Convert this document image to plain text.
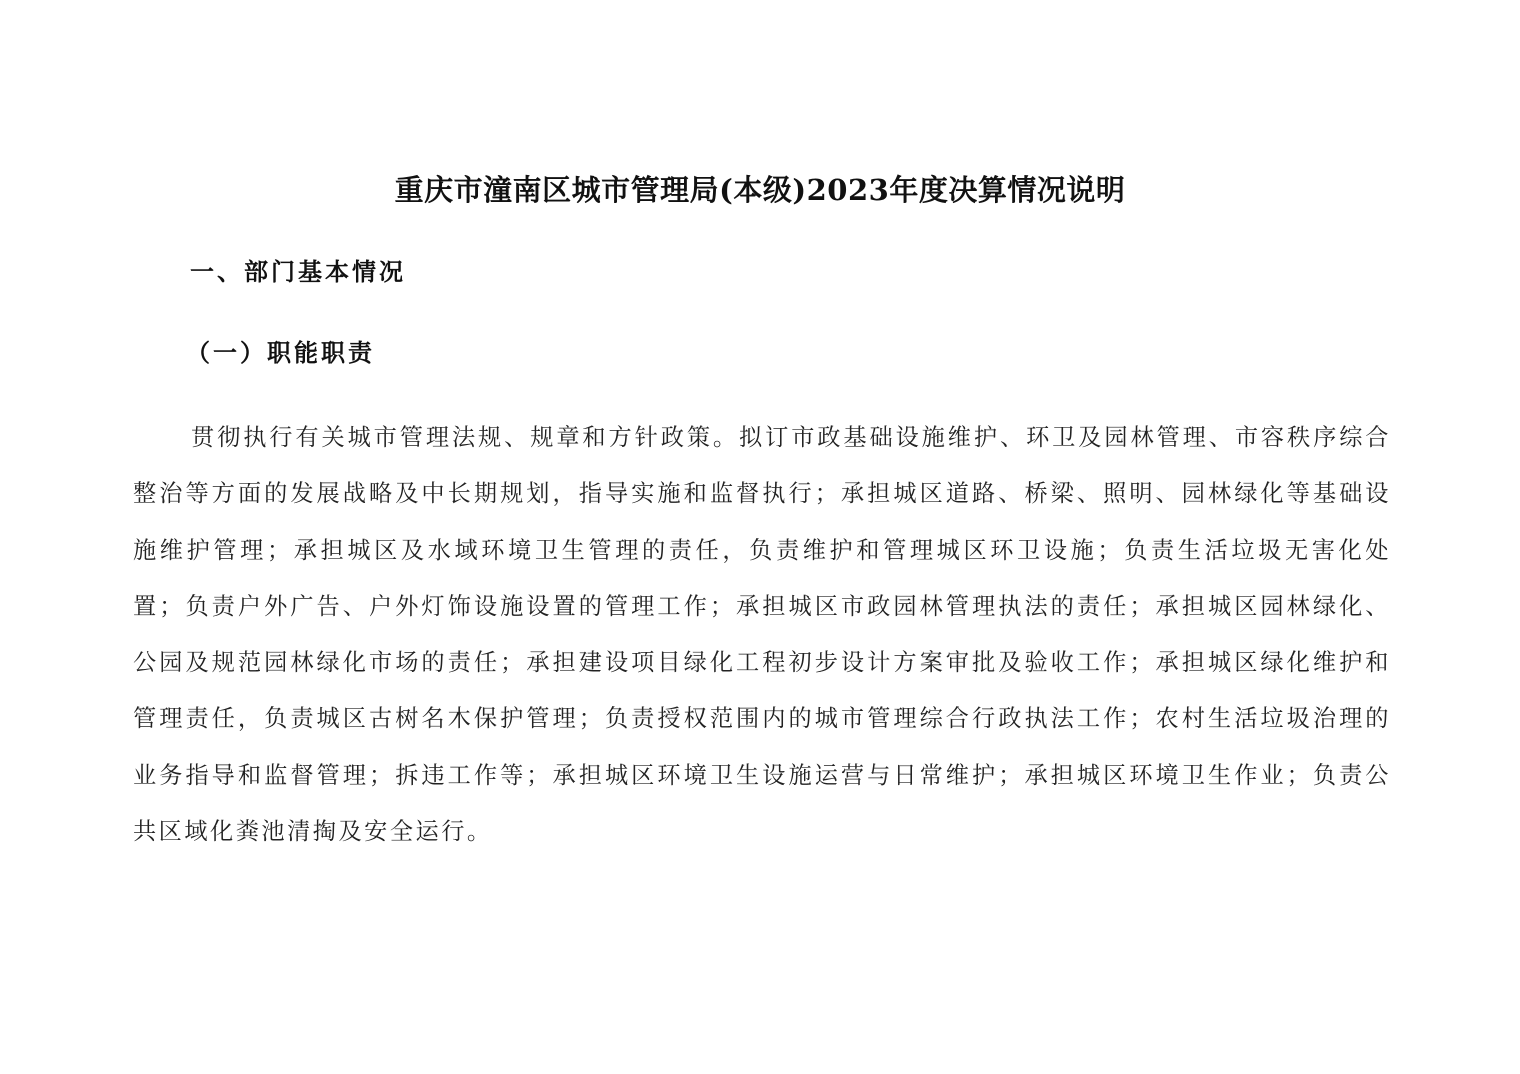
重庆市潼南区城市管理局(本级)2023年度决算情况说明
一、部门基本情况
（一）职能职责

贯彻执行有关城市管理法规、规章和方针政策。拟订市政基础设施维护、环卫及园林管理、市容秩序综合整治等方面的发展战略及中长期规划，指导实施和监督执行；承担城区道路、桥梁、照明、园林绿化等基础设施维护管理；承担城区及水域环境卫生管理的责任，负责维护和管理城区环卫设施；负责生活垃圾无害化处置；负责户外广告、户外灯饰设施设置的管理工作；承担城区市政园林管理执法的责任；承担城区园林绿化、公园及规范园林绿化市场的责任；承担建设项目绿化工程初步设计方案审批及验收工作；承担城区绿化维护和管理责任，负责城区古树名木保护管理；负责授权范围内的城市管理综合行政执法工作；农村生活垃圾治理的业务指导和监督管理；拆违工作等；承担城区环境卫生设施运营与日常维护；承担城区环境卫生作业；负责公共区域化粪池清掏及安全运行。
